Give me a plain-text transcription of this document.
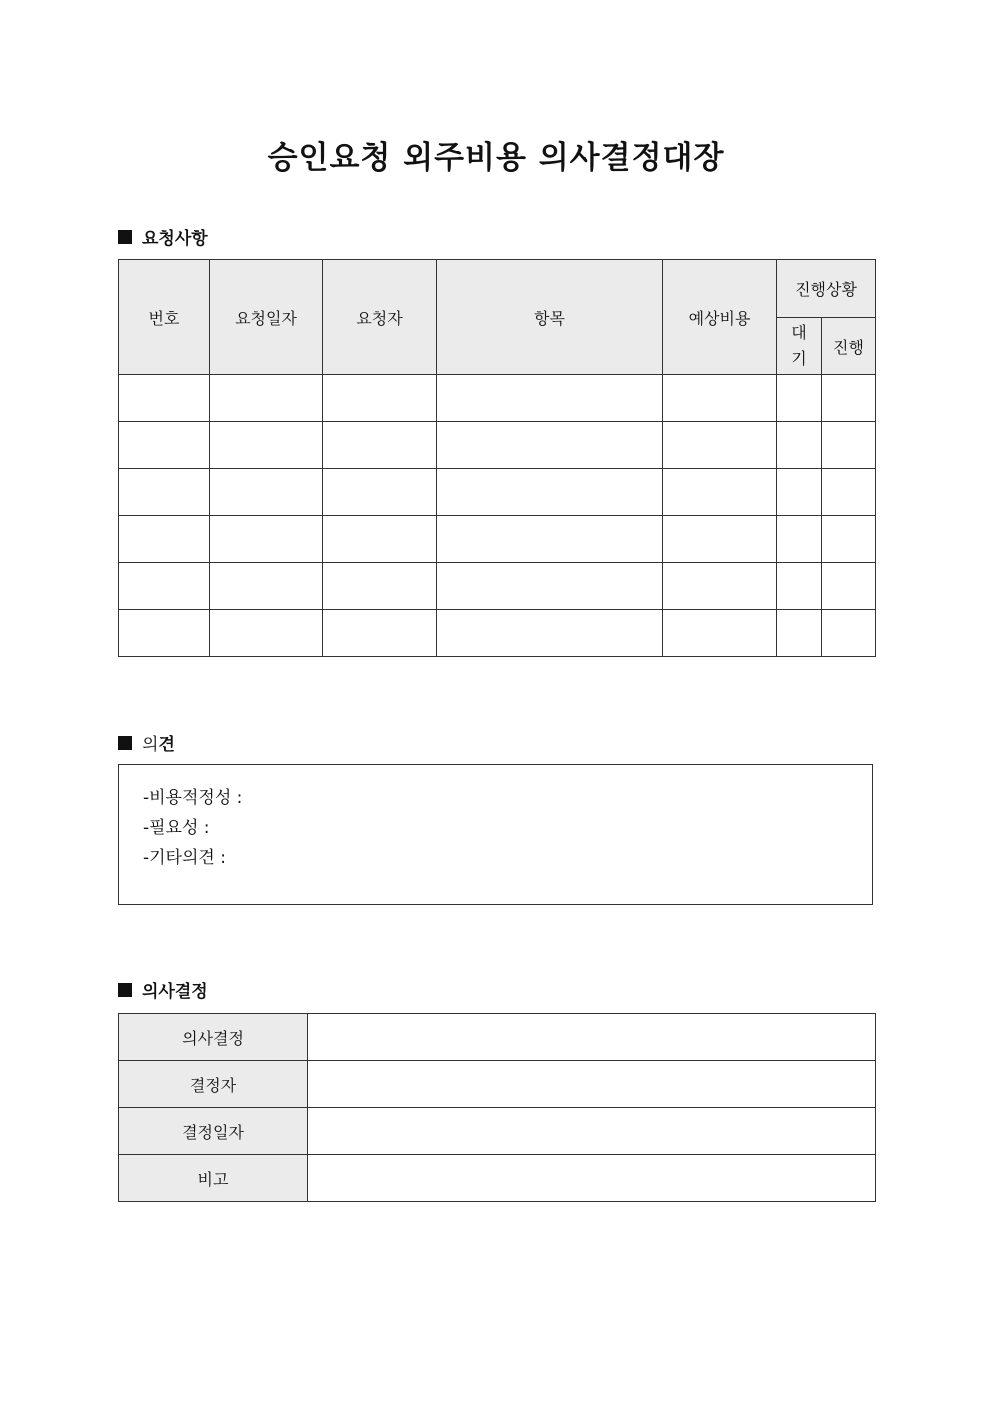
승인요청 외주비용 의사결정대장
요청사항
번호	요청일자	요청자	항목	예상비용	진행상황	
					대기	진행

의견
-비용적정성 :
-필요성 :
-기타의견 :
의사결정
의사결정	
결정자	
결정일자	
비고	
